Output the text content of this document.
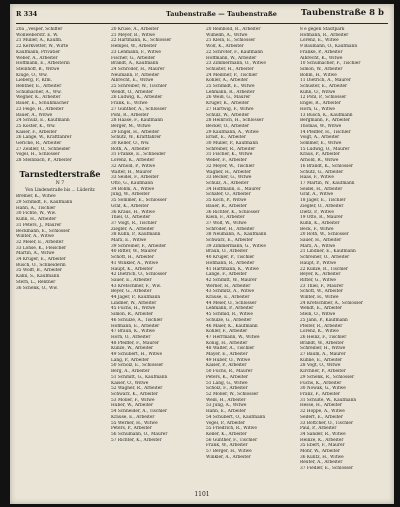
R 334	Taubenstraße — Taubenstraße	Taubenstraße 8 b
20a ,,Vesper, Schiffer
Wollweberstr. E. W.
21 Müller, A., Kaufm.
22 Kerkvetter, W., Wirte
Kaufmann, Privatier
Weber, A., Arbeiter
Hoffmann, E., Arbeiterin
Steinhoff, B., Witwe
Kluge, O., Ww.
Lieberg, P., Kfm.
Rentner, E., Arbeiter
Schumacher, A., Ww.
Wegner, K., Arbeiter
Bauer, E., Schuhmacher
23 Feige, H., Arbeiter
Bauer, A., Witwe
24 Schulz, E., Kaufmann
25 Köster, K., Ww.
Kaiser, F., Arbeiter
26 Lange, W., Kraftfahrer
Gericke, R., Arbeiter
27 Zeidler, O., Schneider
Vogel, H., Schlosser
28 Steinbach, P., Arbeiter
Tarnstedterstraße
N 7
Von Lindenstraße bis ... Lüderitz
Bremer, K., Witwe
29 Schmidt, F., Kaufmann
Hahn, A., Tischler
30 Fichte, W., Ww.
Kuhn, H., Arbeiter
31 Peters, J., Maurer
Beckmann, E., Schlosser
Winter, A., Witwe
32 Meier, E., Arbeiter
33 Lohse, K., Fleischer
Martin, A., Witwe
34 Krüger, E., Arbeiter
Busch, O., Schneiderin
35 Wolff, B., Arbeiter
Kahn, S., Kaufmann
Stern, L., Rentner
36 Schenk, O., Ww.
20 Kruse, A., Arbeiter
21 Meyer, B., Witwe
22 Hartmann, K., Schlosser
Hempel, W., Arbeiter
23 Lehmann, F., Witwe
Fischer, G., Arbeiter
Brandt, A., Kaufmann
24 Schröder, H., Maurer
Neumann, P., Arbeiter
Albrecht, E., Witwe
25 Schreiber, W., Tischler
Wendt, O., Arbeiter
26 Ludwig, K., Arbeiter
Frank, E., Witwe
27 Günther, A., Schlosser
Pohl, R., Arbeiter
28 Haase, F., Kaufmann
Berger, M., Witwe
29 Engel, H., Arbeiter
Schütz, W., Kraftfahrer
30 Keller, O., Ww.
Roth, A., Arbeiter
31 Franke, E., Schneider
Lorenz, K., Arbeiter
32 Arnold, P., Witwe
Walter, H., Maurer
33 Seidel, F., Arbeiter
Otto, G., Kaufmann
34 Böhm, A., Witwe
Jung, W., Arbeiter
35 Sommer, E., Schlosser
Graf, K., Arbeiter
36 Kraus, H., Witwe
Thiel, O., Arbeiter
37 Voigt, R., Tischler
Ziegler, A., Arbeiter
38 Kühn, P., Kaufmann
Marx, E., Witwe
39 Schreiner, F., Arbeiter
40 Ritter, W., Maurer
Schott, H., Arbeiter
41 Winkler, A., Witwe
Haupt, K., Arbeiter
42 Dietrich, O., Schlosser
Sauer, E., Arbeiter
43 Kretschmer, F., Ww.
Beyer, G., Arbeiter
44 Jäger, P., Kaufmann
Lindner, W., Arbeiter
45 Fuchs, H., Witwe
Simon, R., Arbeiter
46 Schulze, A., Tischler
Hofmann, E., Arbeiter
47 Braun, K., Witwe
Horn, O., Arbeiter
48 Pfeiffer, F., Maurer
Kunze, W., Arbeiter
49 Schubert, H., Witwe
Lang, P., Arbeiter
50 Scholz, E., Schlosser
Berg, A., Arbeiter
51 Schmitt, G., Kaufmann
Kaiser, O., Witwe
52 Wagner, R., Arbeiter
Schwarz, K., Arbeiter
53 Möller, F., Witwe
Huber, W., Arbeiter
54 Schneider, A., Tischler
Krause, E., Arbeiter
55 Werner, H., Witwe
Peters, P., Arbeiter
56 Schumann, O., Maurer
57 Richter, K., Arbeiter
20 Reinhold, R., Arbeiter
Wilhelm, A., Witwe
21 Klein, E., Schlosser
Wolf, K., Arbeiter
22 Schröter, F., Kaufmann
Hoffmann, W., Arbeiter
23 Zimmermann, O., Witwe
Schuster, H., Arbeiter
24 Meißner, P., Tischler
Köhler, A., Arbeiter
25 Schmidt, E., Witwe
Lehmann, R., Arbeiter
26 Weiß, G., Maurer
Krüger, K., Arbeiter
27 Hartwig, F., Witwe
Schulz, W., Arbeiter
28 Heinrich, H., Schlosser
Becker, O., Arbeiter
29 Kaufmann, A., Witwe
Ernst, E., Arbeiter
30 Müller, P., Kaufmann
Schreiber, R., Arbeiter
31 Fischer, K., Witwe
Weber, F., Arbeiter
32 Meyer, W., Tischler
Wagner, H., Arbeiter
33 Becker, G., Witwe
Schulz, A., Arbeiter
34 Hoffmann, E., Maurer
Schäfer, O., Arbeiter
35 Koch, P., Witwe
Bauer, R., Arbeiter
36 Richter, K., Schlosser
Klein, F., Arbeiter
37 Wolf, W., Witwe
Schröder, H., Arbeiter
38 Neumann, A., Kaufmann
Schwarz, E., Arbeiter
39 Zimmermann, G., Witwe
Braun, O., Arbeiter
40 Krüger, P., Tischler
Hofmann, R., Arbeiter
41 Hartmann, K., Witwe
Lange, F., Arbeiter
42 Schmitt, W., Maurer
Werner, H., Arbeiter
43 Schmitz, A., Witwe
Krause, E., Arbeiter
44 Meier, O., Schlosser
Lehmann, P., Arbeiter
45 Schmid, R., Witwe
Schulze, G., Arbeiter
46 Maier, K., Kaufmann
Köhler, F., Arbeiter
47 Herrmann, W., Witwe
König, H., Arbeiter
48 Walter, A., Tischler
Mayer, E., Arbeiter
49 Huber, O., Witwe
Kaiser, P., Arbeiter
50 Fuchs, R., Maurer
Peters, K., Arbeiter
51 Lang, G., Witwe
Scholz, F., Arbeiter
52 Möller, W., Schlosser
Weiß, H., Arbeiter
53 Jung, A., Witwe
Hahn, E., Arbeiter
54 Schubert, O., Kaufmann
Vogel, P., Arbeiter
55 Friedrich, R., Witwe
Keller, K., Arbeiter
56 Günther, F., Tischler
Frank, W., Arbeiter
57 Berger, H., Witwe
Winkler, A., Arbeiter
8 e gegen Stadtpark
Hofmann, R., Arbeiter
Lorenz, E., Witwe
9 Baumann, O., Kaufmann
Franke, P., Arbeiter
Albrecht, K., Witwe
10 Schumacher, F., Tischler
Simon, W., Arbeiter
Böhm, H., Witwe
11 Dietrich, A., Maurer
Schuster, E., Arbeiter
Kühn, O., Witwe
12 Pohl, P., Schlosser
Engel, R., Arbeiter
Horn, G., Witwe
13 Busch, K., Kaufmann
Bergmann, F., Arbeiter
Thomas, W., Witwe
14 Pfeiffer, H., Tischler
Voigt, A., Arbeiter
Sommer, E., Witwe
15 Ludwig, O., Maurer
Kraus, P., Arbeiter
Arnold, R., Witwe
16 Brandt, K., Schlosser
Schütz, G., Arbeiter
Haas, F., Witwe
17 Martin, W., Kaufmann
Seidel, H., Arbeiter
Graf, A., Witwe
18 Jäger, E., Tischler
Ziegler, O., Arbeiter
Dietz, P., Witwe
19 Otto, R., Maurer
Kuhn, K., Arbeiter
Beck, F., Witwe
20 Roth, W., Schlosser
Sauer, H., Arbeiter
Marx, A., Witwe
21 Lindner, E., Kaufmann
Schreiner, O., Arbeiter
Haupt, P., Witwe
22 Kunze, R., Tischler
Beyer, K., Arbeiter
Ritter, G., Witwe
23 Thiel, F., Maurer
Schott, W., Arbeiter
Winter, H., Witwe
24 Kretschmer, A., Schlosser
Wendt, E., Arbeiter
Stein, O., Witwe
25 Jahn, P., Kaufmann
Pfeifer, R., Arbeiter
Lorenz, K., Witwe
26 Heinz, F., Tischler
Brandt, W., Arbeiter
Schreiber, H., Witwe
27 Baum, A., Maurer
Kühne, E., Arbeiter
28 Vogt, O., Witwe
Kirchner, P., Arbeiter
29 Schenk, R., Schlosser
Fuchs, K., Arbeiter
30 Nowak, G., Witwe
Franz, F., Arbeiter
31 Schulte, W., Kaufmann
Hesse, H., Arbeiter
32 Hoppe, A., Witwe
Seifert, E., Arbeiter
33 Böttcher, O., Tischler
Paul, P., Arbeiter
34 Sander, R., Witwe
Heinze, K., Arbeiter
35 Ebert, F., Maurer
Mohr, W., Arbeiter
36 Kuntz, H., Witwe
Reuter, A., Arbeiter
37 Fiedler, E., Schlosser
1101
